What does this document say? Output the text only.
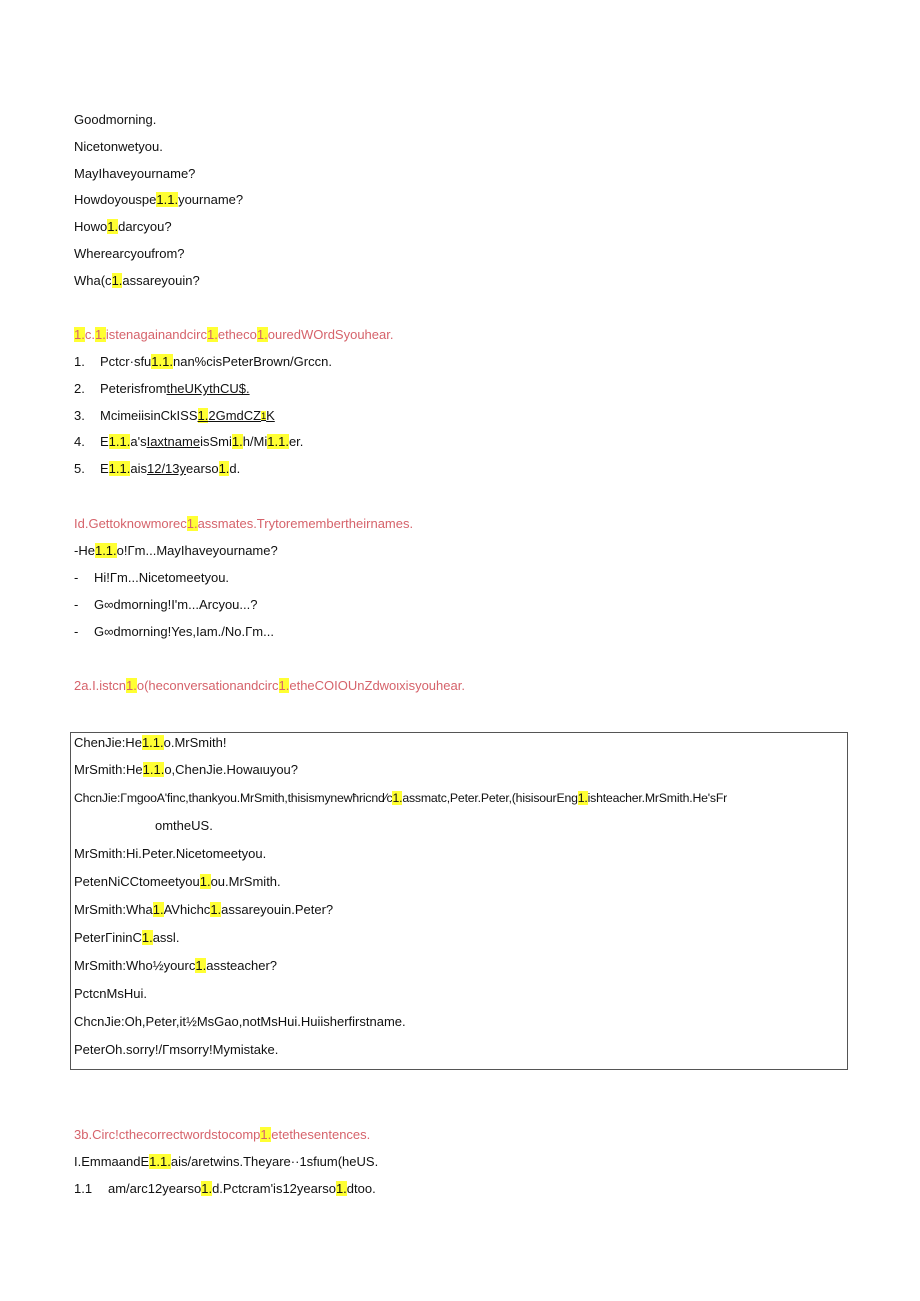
Goodmorning.
Nicetonwetyou.
MayIhaveyourname?
Howdoyouspe1.1.yourname?
Howo1.darcyou?
Wherearcyoufrom?
Wha(c1.assareyouin?
1.c.1.istenagainandcirc1.etheco1.ouredWOrdSyouhear.
1. Pctcr·sfu1.1.nan%cisPeterBrown/Grccn.
2. PeterisfromtheUKythCU$.
3. McimeiisinCkISS1.2GmdCZ$^1$K
4. E1.1.a'sIaxtnameisSmi1.h/Mi1.1.er.
5. E1.1.ais12/13yearso1.d.
Id.Gettoknowmorec1.assmates.Trytoremembertheirnames.
-He1.1.o!Γm...MayIhaveyourname?
- Hi!Γm...Nicetomeetyou.
- G∞dmorning!I'm...Arcyou...?
- G∞dmorning!Yes,Iam./No.Γm...
2a.I.istcn1.o(heconversationandcirc1.etheCOIOUnZdwoιxisyouhear.
ChenJie:He1.1.o.MrSmith!
MrSmith:He1.1.o,ChenJie.Howaιuyou?
ChcnJie:ΓmgooA'finc,thankyou.MrSmith,thisismynewħricnd⁄c1.assmatc,Peter.Peter,(hisisourEng1.ishteacher.MrSmith.He'sFr
omtheUS.
MrSmith:Hi.Peter.Nicetomeetyou.
PetenNiCCtomeetyou1.ou.MrSmith.
MrSmith:Wha1.AVhichc1.assareyouin.Peter?
PeterΓininC1.assl.
MrSmith:Who½yourc1.assteacher?
PctcnMsHui.
ChcnJie:Oh,Peter,it½MsGao,notMsHui.Huiisherfirstname.
PeterOh.sorry!/Γmsorry!Mymistake.
3b.Circ!cthecorrectwordstocomp1.etethesentences.
I.EmmaandE1.1.ais/aretwins.Theyare··1sfιum(heUS.
1.1 am/arc12yearso1.d.Pctcram'is12yearso1.dtoo.
